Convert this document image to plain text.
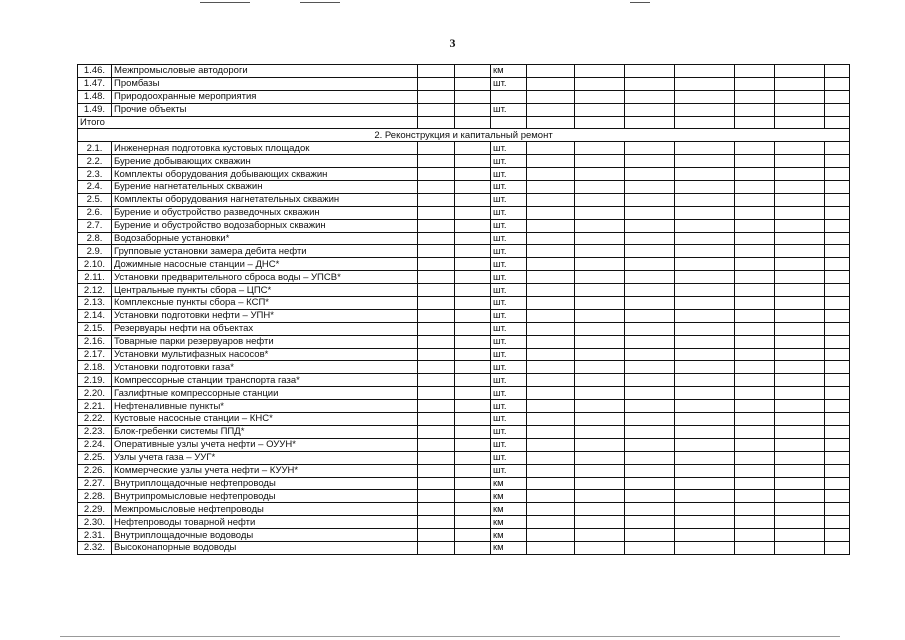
3
1.46.	Межпромысловые автодороги			км							
1.47.	Промбазы			шт.							
1.48.	Природоохранные мероприятия										
1.49.	Прочие объекты			шт.							
Итого											
2. Реконструкция и капитальный ремонт											
2.1.	Инженерная подготовка кустовых площадок			шт.							
2.2.	Бурение добывающих скважин			шт.							
2.3.	Комплекты оборудования добывающих скважин			шт.							
2.4.	Бурение нагнетательных скважин			шт.							
2.5.	Комплекты оборудования нагнетательных скважин			шт.							
2.6.	Бурение и обустройство разведочных скважин			шт.							
2.7.	Бурение и обустройство водозаборных скважин			шт.							
2.8.	Водозаборные установки*			шт.							
2.9.	Групповые установки замера дебита нефти			шт.							
2.10.	Дожимные насосные станции – ДНС*			шт.							
2.11.	Установки предварительного сброса воды – УПСВ*			шт.							
2.12.	Центральные пункты сбора – ЦПС*			шт.							
2.13.	Комплексные пункты сбора – КСП*			шт.							
2.14.	Установки подготовки нефти – УПН*			шт.							
2.15.	Резервуары нефти на объектах			шт.							
2.16.	Товарные парки резервуаров нефти			шт.							
2.17.	Установки мультифазных насосов*			шт.							
2.18.	Установки подготовки газа*			шт.							
2.19.	Компрессорные станции транспорта газа*			шт.							
2.20.	Газлифтные компрессорные станции			шт.							
2.21.	Нефтеналивные пункты*			шт.							
2.22.	Кустовые насосные станции – КНС*			шт.							
2.23.	Блок-гребенки системы ППД*			шт.							
2.24.	Оперативные узлы учета нефти – ОУУН*			шт.							
2.25.	Узлы учета газа – УУГ*			шт.							
2.26.	Коммерческие узлы учета нефти – КУУН*			шт.							
2.27.	Внутриплощадочные нефтепроводы			км							
2.28.	Внутрипромысловые нефтепроводы			км							
2.29.	Межпромысловые нефтепроводы			км							
2.30.	Нефтепроводы товарной нефти			км							
2.31.	Внутриплощадочные водоводы			км							
2.32.	Высоконапорные водоводы			км							
